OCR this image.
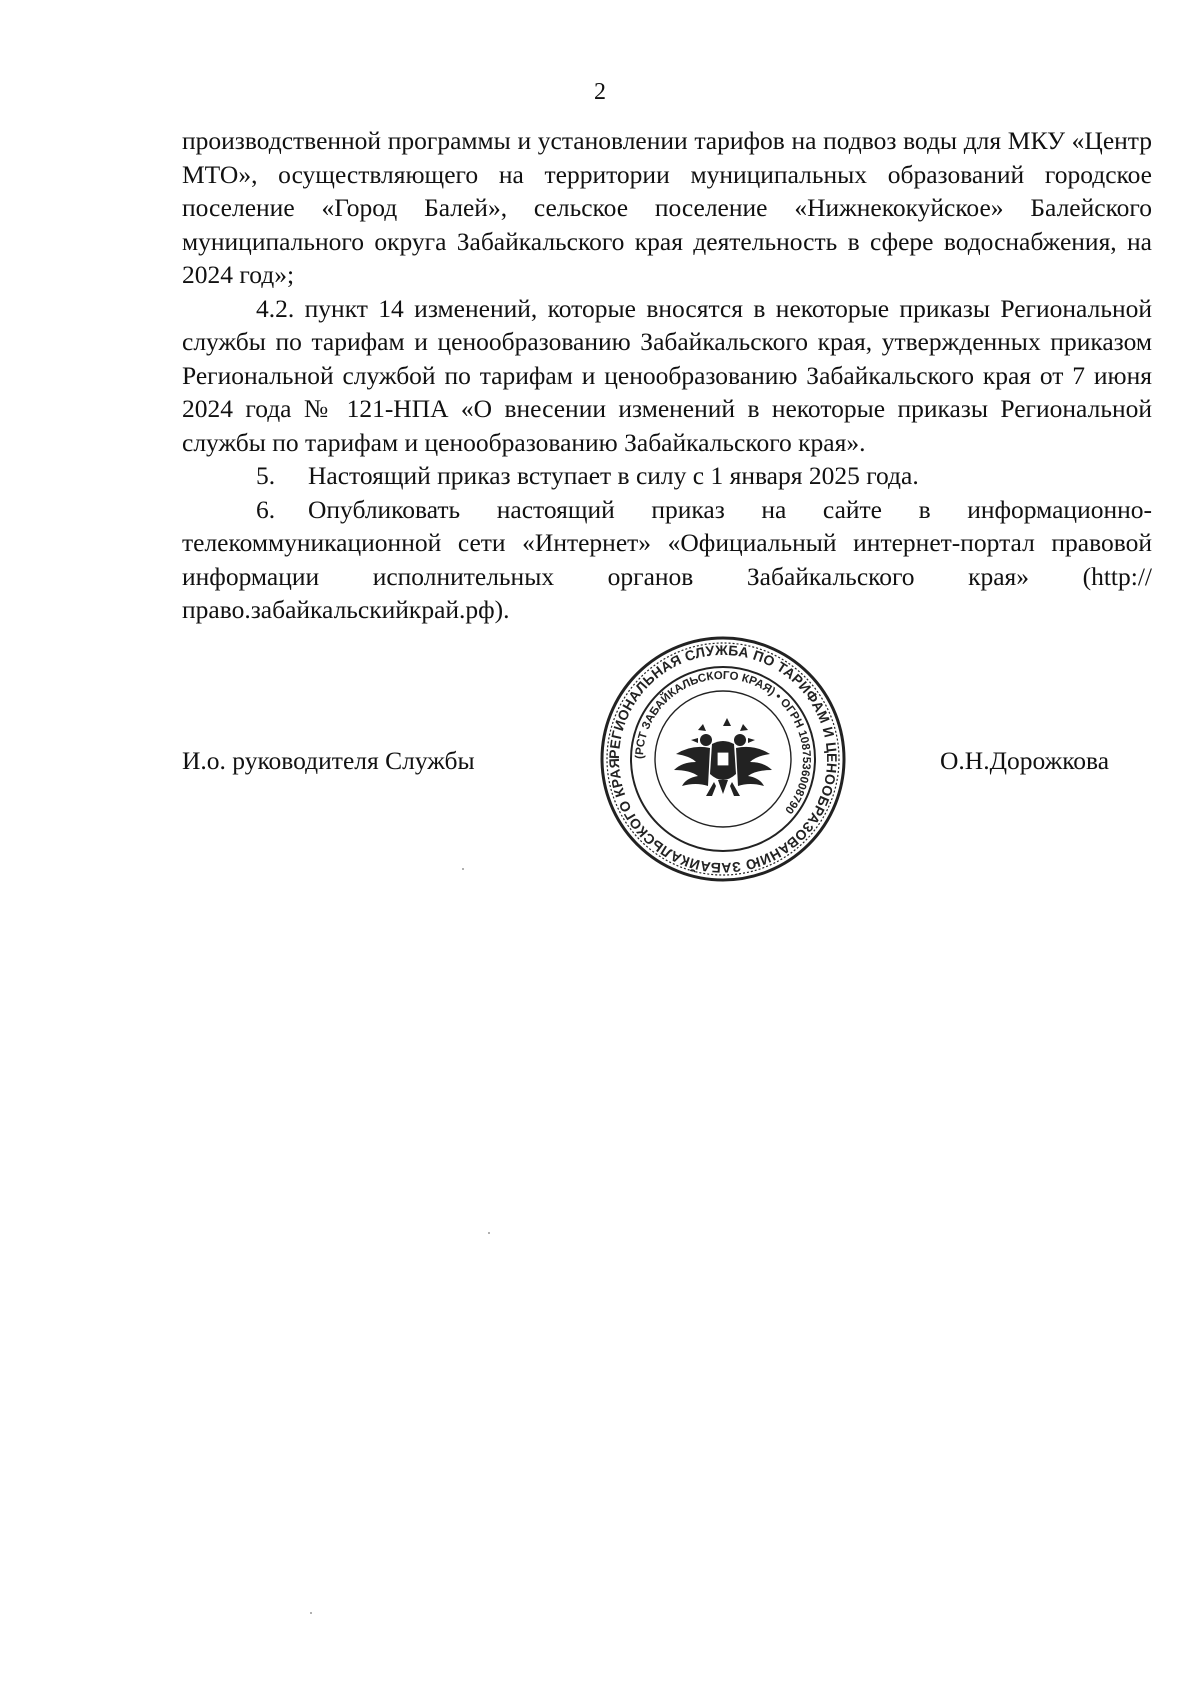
2

производственной программы и установлении тарифов на подвоз воды для МКУ «Центр МТО», осуществляющего на территории муниципальных образований городское поселение «Город Балей», сельское поселение «Нижнекокуйское» Балейского муниципального округа Забайкальского края деятельность в сфере водоснабжения, на 2024 год»;

4.2. пункт 14 изменений, которые вносятся в некоторые приказы Региональной службы по тарифам и ценообразованию Забайкальского края, утвержденных приказом Региональной службой по тарифам и ценообразованию Забайкальского края от 7 июня 2024 года № 121-НПА «О внесении изменений в некоторые приказы Региональной службы по тарифам и ценообразованию Забайкальского края».

5. Настоящий приказ вступает в силу с 1 января 2025 года.

6. Опубликовать настоящий приказ на сайте в информационно-телекоммуникационной сети «Интернет» «Официальный интернет-портал правовой информации исполнительных органов Забайкальского края» (http://право.забайкальскийкрай.рф).

И.о. руководителя Службы	РЕГИОНАЛЬНАЯ СЛУЖБА ПО ТАРИФАМ И ЦЕНООБРАЗОВАНИЮ ЗАБАЙКАЛЬСКОГО КРАЯ
(РСТ ЗАБАЙКАЛЬСКОГО КРАЯ) • ОГРН 1087536008790
О.Н.Дорожкова
